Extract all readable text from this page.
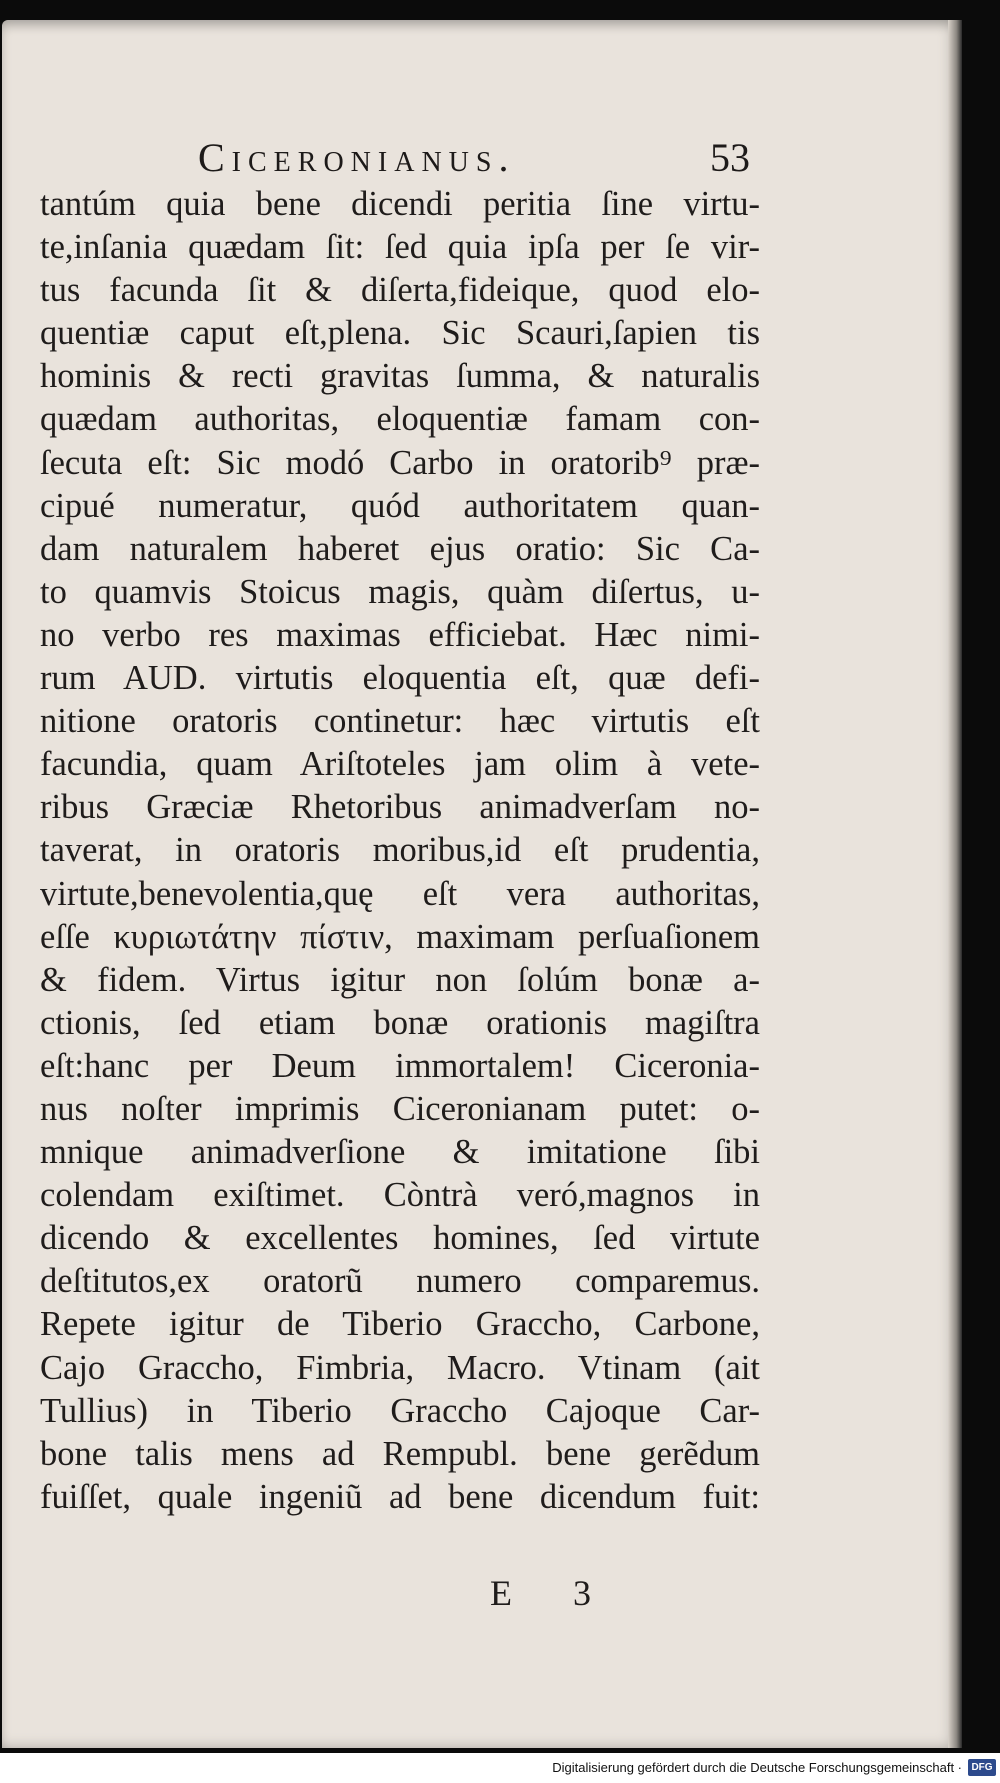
Ciceronianus.	53
tantúm quia bene dicendi peritia ſine virtu-
te,inſania quædam ſit: ſed quia ipſa per ſe vir-
tus facunda ſit & diſerta,fideique, quod elo-
quentiæ caput eſt,plena. Sic Scauri,ſapien tis
hominis & recti gravitas ſumma, & naturalis
quædam authoritas, eloquentiæ famam con-
ſecuta eſt: Sic modó Carbo in oratorib⁹ præ-
cipué numeratur, quód authoritatem quan-
dam naturalem haberet ejus oratio: Sic Ca-
to quamvis Stoicus magis, quàm diſertus, u-
no verbo res maximas efficiebat. Hæc nimi-
rum AUD. virtutis eloquentia eſt, quæ defi-
nitione oratoris continetur: hæc virtutis eſt
facundia, quam Ariſtoteles jam olim à vete-
ribus Græciæ Rhetoribus animadverſam no-
taverat, in oratoris moribus,id eſt prudentia,
virtute,benevolentia,quę eſt vera authoritas,
eſſe κυριωτάτην πίστιν, maximam perſuaſionem
& fidem. Virtus igitur non ſolúm bonæ a-
ctionis, ſed etiam bonæ orationis magiſtra
eſt:hanc per Deum immortalem! Ciceronia-
nus noſter imprimis Ciceronianam putet: o-
mnique animadverſione & imitatione ſibi
colendam exiſtimet. Còntrà veró,magnos in
dicendo & excellentes homines, ſed virtute
deſtitutos,ex oratorũ numero comparemus.
Repete igitur de Tiberio Graccho, Carbone,
Cajo Graccho, Fimbria, Macro. Vtinam (ait
Tullius) in Tiberio Graccho Cajoque Car-
bone talis mens ad Rempubl. bene gerẽdum
fuiſſet, quale ingeniũ ad bene dicendum fuit:
E 3
Digitalisierung gefördert durch die Deutsche Forschungsgemeinschaft · DFG
